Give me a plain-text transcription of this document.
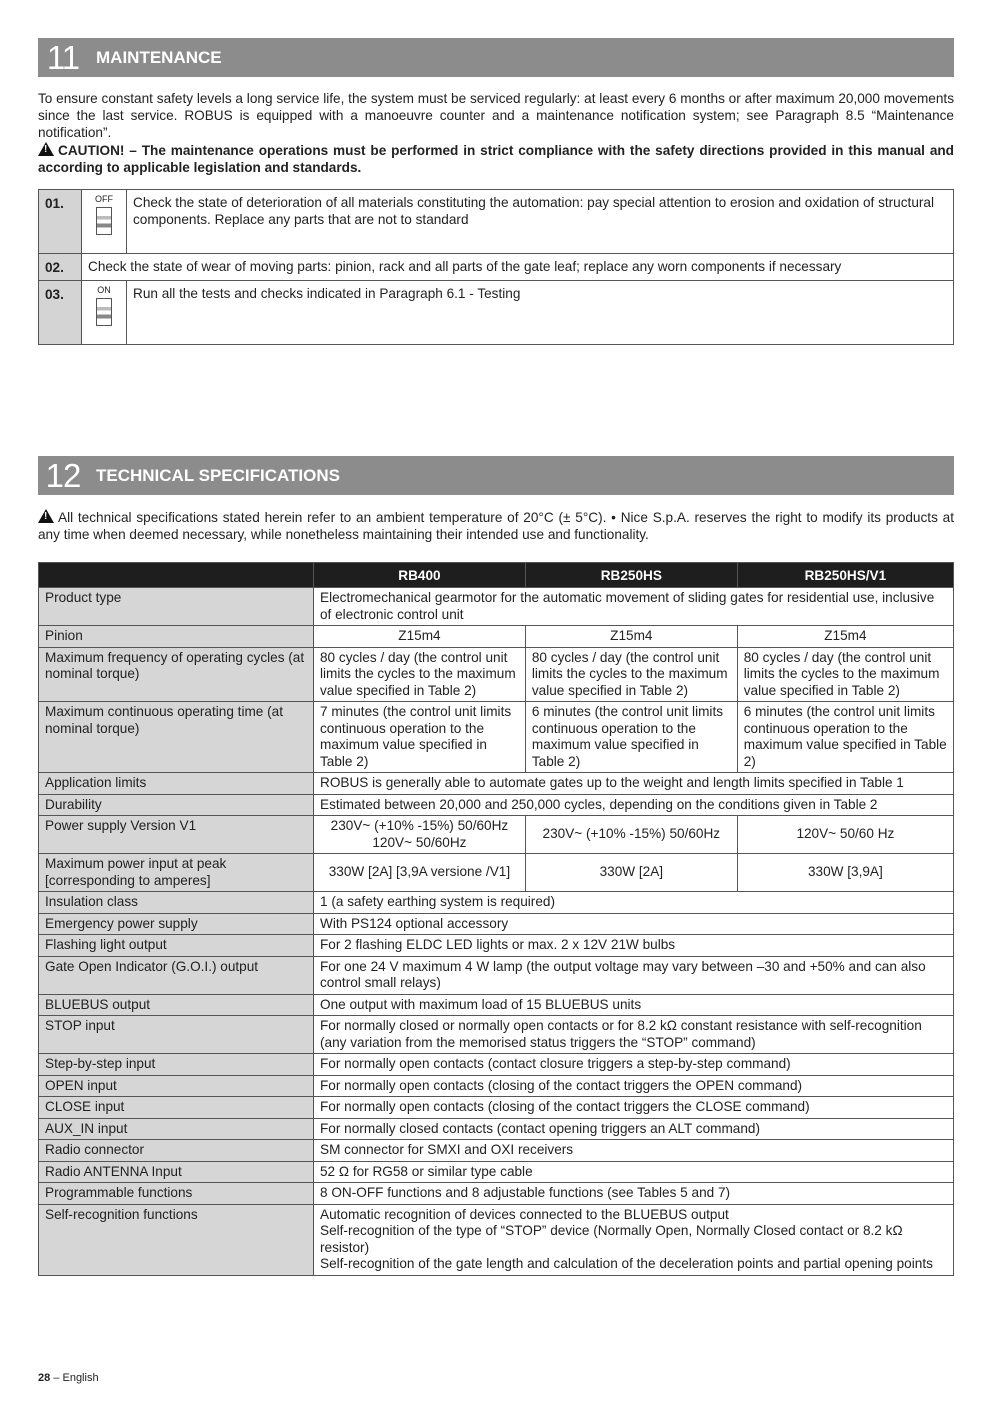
11 MAINTENANCE
To ensure constant safety levels a long service life, the system must be serviced regularly: at least every 6 months or after maximum 20,000 movements since the last service. ROBUS is equipped with a manoeuvre counter and a maintenance notification system; see Paragraph 8.5 “Maintenance notification”.
!CAUTION! – The maintenance operations must be performed in strict compliance with the safety directions provided in this manual and according to applicable legislation and standards.
01.	OFF	Check the state of deterioration of all materials constituting the automation: pay special attention to erosion and oxidation of structural components. Replace any parts that are not to standard
02.	Check the state of wear of moving parts: pinion, rack and all parts of the gate leaf; replace any worn components if necessary	
03.	ON	Run all the tests and checks indicated in Paragraph 6.1 - Testing
12 TECHNICAL SPECIFICATIONS
!All technical specifications stated herein refer to an ambient temperature of 20°C (± 5°C). • Nice S.p.A. reserves the right to modify its products at any time when deemed necessary, while nonetheless maintaining their intended use and functionality.
	RB400	RB250HS	RB250HS/V1
Product type	Electromechanical gearmotor for the automatic movement of sliding gates for residential use, inclusive of electronic control unit		
Pinion	Z15m4	Z15m4	Z15m4
Maximum frequency of operating cycles (at nominal torque)	80 cycles / day (the control unit limits the cycles to the maximum value specified in Table 2)	80 cycles / day (the control unit limits the cycles to the maximum value specified in Table 2)	80 cycles / day (the control unit limits the cycles to the maximum value specified in Table 2)
Maximum continuous operating time (at nominal torque)	7 minutes (the control unit limits continuous operation to the maximum value specified in Table 2)	6 minutes (the control unit limits continuous operation to the maximum value specified in Table 2)	6 minutes (the control unit limits continuous operation to the maximum value specified in Table 2)
Application limits	ROBUS is generally able to automate gates up to the weight and length limits specified in Table 1		
Durability	Estimated between 20,000 and 250,000 cycles, depending on the conditions given in Table 2		
Power supply Version V1	230V~ (+10% -15%) 50/60Hz 120V~ 50/60Hz	230V~ (+10% -15%) 50/60Hz	120V~ 50/60 Hz
Maximum power input at peak [corresponding to amperes]	330W [2A] [3,9A versione /V1]	330W [2A]	330W [3,9A]
Insulation class	1 (a safety earthing system is required)		
Emergency power supply	With PS124 optional accessory		
Flashing light output	For 2 flashing ELDC LED lights or max. 2 x 12V 21W bulbs		
Gate Open Indicator (G.O.I.) output	For one 24 V maximum 4 W lamp (the output voltage may vary between –30 and +50% and can also control small relays)		
BLUEBUS output	One output with maximum load of 15 BLUEBUS units		
STOP input	For normally closed or normally open contacts or for 8.2 kΩ constant resistance with self-recognition (any variation from the memorised status triggers the “STOP” command)		
Step-by-step input	For normally open contacts (contact closure triggers a step-by-step command)		
OPEN input	For normally open contacts (closing of the contact triggers the OPEN command)		
CLOSE input	For normally open contacts (closing of the contact triggers the CLOSE command)		
AUX_IN input	For normally closed contacts (contact opening triggers an ALT command)		
Radio connector	SM connector for SMXI and OXI receivers		
Radio ANTENNA Input	52 Ω for RG58 or similar type cable		
Programmable functions	8 ON-OFF functions and 8 adjustable functions (see Tables 5 and 7)		
Self-recognition functions	Automatic recognition of devices connected to the BLUEBUS output
Self-recognition of the type of “STOP” device (Normally Open, Normally Closed contact or 8.2 kΩ resistor)
Self-recognition of the gate length and calculation of the deceleration points and partial opening points		
28 – English
